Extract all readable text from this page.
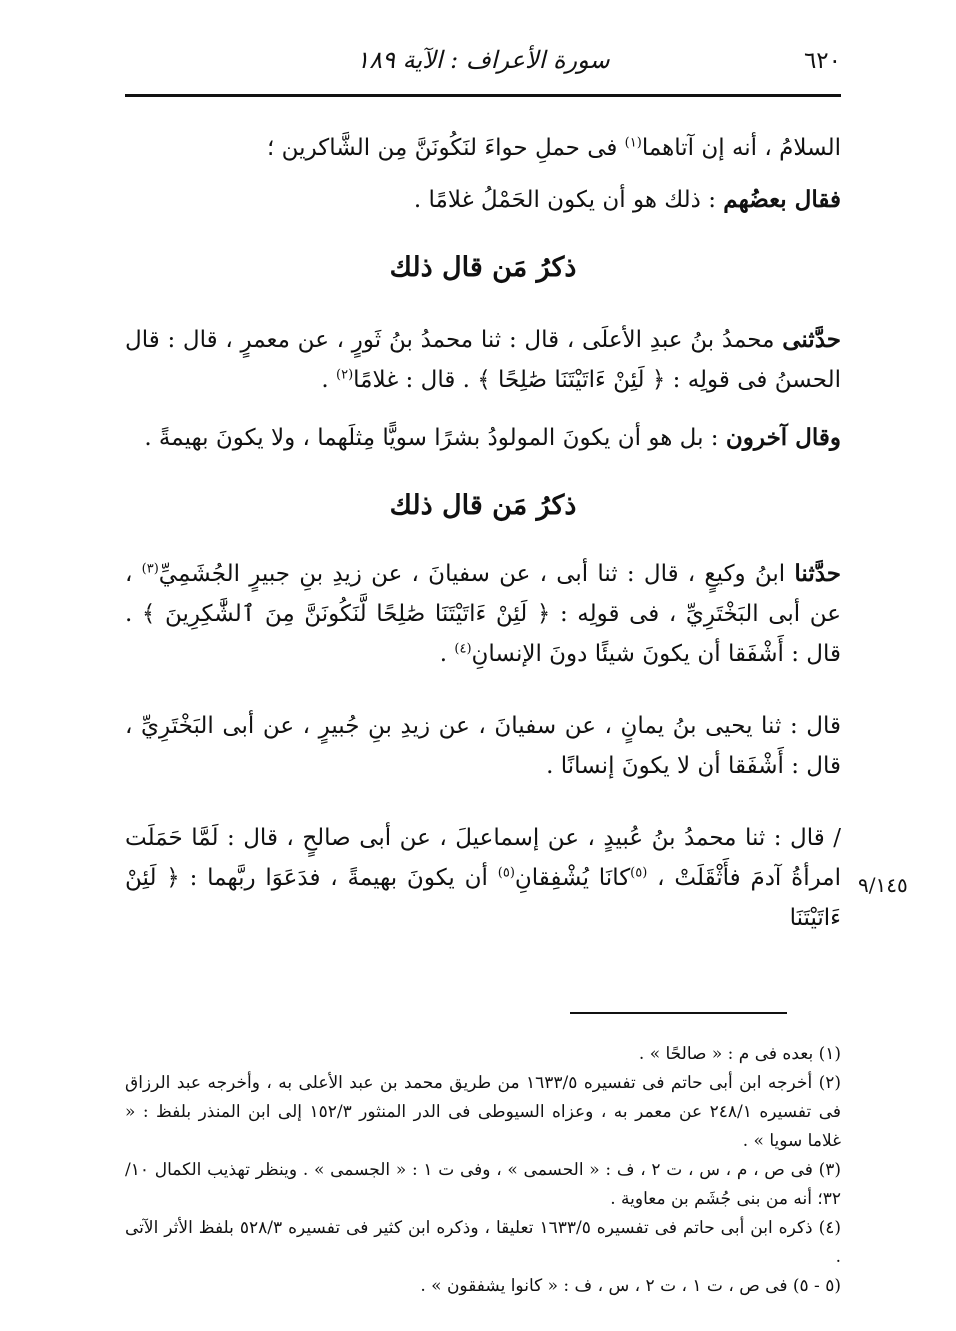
٦٢٠
سورة الأعراف : الآية ١٨٩

السلامُ ، أنه إن آتاهما$^{(١)}$ فى حملِ حواءَ لنَكُونَنَّ مِن الشَّاكرين ؛

فقال بعضُهم : ذلك هو أن يكون الحَمْلُ غلامًا .

ذكرُ مَن قال ذلك

حدَّثنى محمدُ بنُ عبدِ الأعلَى ، قال : ثنا محمدُ بنُ ثَورٍ ، عن معمرٍ ، قال : قال الحسنُ فى قولِه : ﴿ لَئِنْ ءَاتَيْتَنَا صَٰلِحًا ﴾ . قال : غلامًا$^{(٢)}$ .

وقال آخرون : بل هو أن يكونَ المولودُ بشرًا سويًّا مِثلَهما ، ولا يكونَ بهيمةً .

ذكرُ مَن قال ذلك

حدَّثنا ابنُ وكيعٍ ، قال : ثنا أبى ، عن سفيانَ ، عن زيدِ بنِ جبيرٍ الجُشَمِيِّ$^{(٣)}$ ، عن أبى البَخْتَرِيِّ ، فى قولِه : ﴿ لَئِنْ ءَاتَيْتَنَا صَٰلِحًا لَّنَكُونَنَّ مِنَ ٱلشَّٰكِرِينَ ﴾ . قال : أَشْفَقا أن يكونَ شيئًا دونَ الإنسانِ$^{(٤)}$ .

قال : ثنا يحيى بنُ يمانٍ ، عن سفيانَ ، عن زيدِ بنِ جُبيرٍ ، عن أبى البَخْتَرِيِّ ، قال : أَشْفَقا أن لا يكونَ إنسانًا .

/ قال : ثنا محمدُ بنُ عُبيدٍ ، عن إسماعيلَ ، عن أبى صالحٍ ، قال : لَمَّا حَمَلَت امرأةُ آدمَ فأَثْقَلَتْ ، $^{(٥)}$كانَا يُشْفِقانِ$^{(٥)}$ أن يكونَ بهيمةً ، فدَعَوَا ربَّهما : ﴿ لَئِنْ ءَاتَيْتَنَا

٩/١٤٥

(١) بعده فى م : « صالحًا » .

(٢) أخرجه ابن أبى حاتم فى تفسيره ١٦٣٣/٥ من طريق محمد بن عبد الأعلى به ، وأخرجه عبد الرزاق فى تفسيره ٢٤٨/١ عن معمر به ، وعزاه السيوطى فى الدر المنثور ١٥٢/٣ إلى ابن المنذر بلفظ : « غلاما سويا » .

(٣) فى ص ، م ، س ، ت ٢ ، ف : « الحسمى » ، وفى ت ١ : « الجسمى » . وينظر تهذيب الكمال ١٠/ ٣٢؛ أنه من بنى جُشَم بن معاوية .

(٤) ذكره ابن أبى حاتم فى تفسيره ١٦٣٣/٥ تعليقا ، وذكره ابن كثير فى تفسيره ٥٢٨/٣ بلفظ الأثر الآتى .

(٥ - ٥) فى ص ، ت ١ ، ت ٢ ، س ، ف : « كانوا يشفقون » .
